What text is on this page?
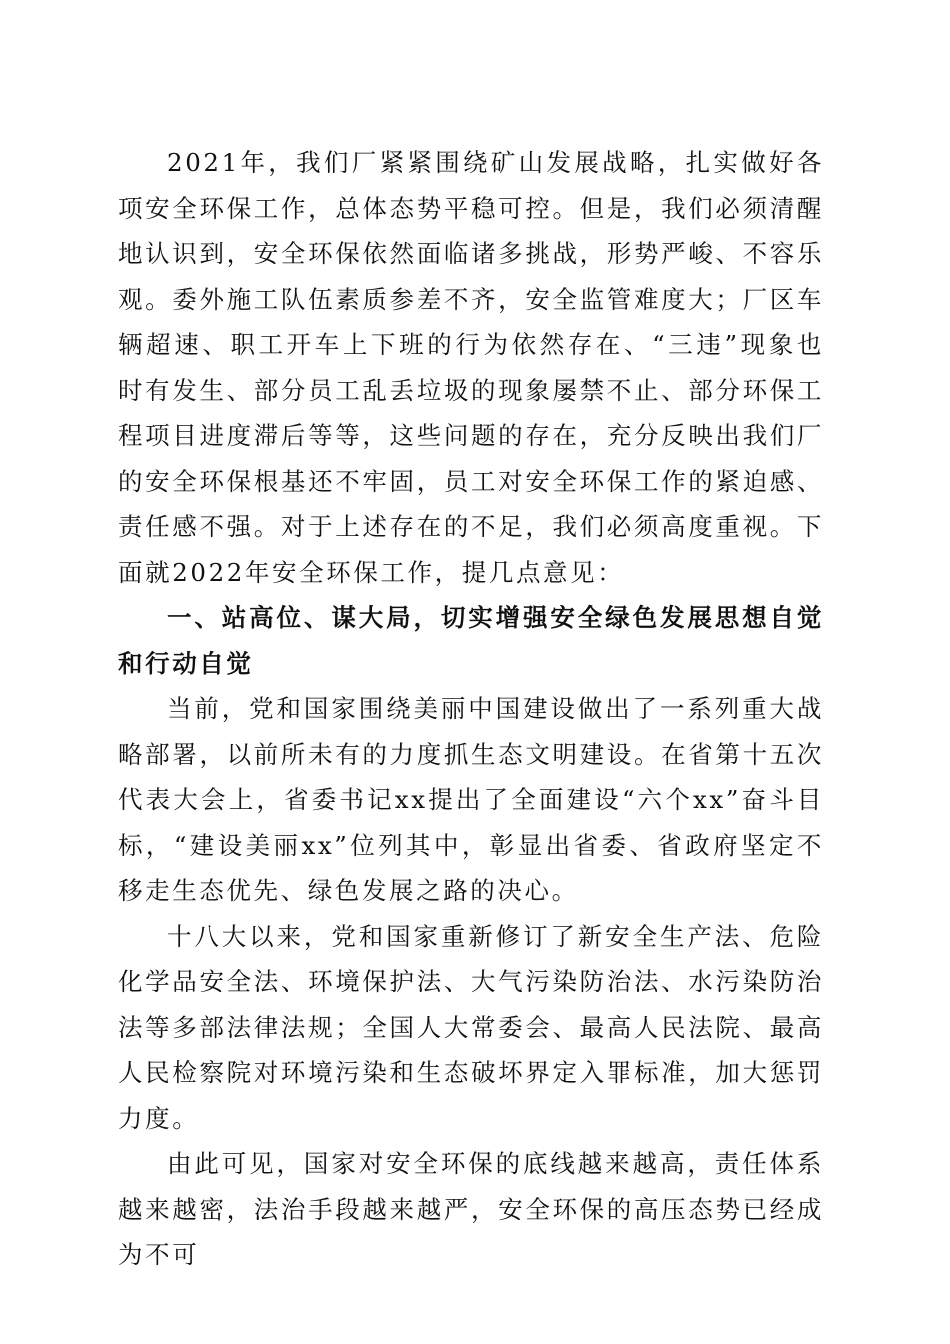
2021年，我们厂紧紧围绕矿山发展战略，扎实做好各项安全环保工作，总体态势平稳可控。但是，我们必须清醒地认识到，安全环保依然面临诸多挑战，形势严峻、不容乐观。委外施工队伍素质参差不齐，安全监管难度大；厂区车辆超速、职工开车上下班的行为依然存在、“三违”现象也时有发生、部分员工乱丢垃圾的现象屡禁不止、部分环保工程项目进度滞后等等，这些问题的存在，充分反映出我们厂的安全环保根基还不牢固，员工对安全环保工作的紧迫感、责任感不强。对于上述存在的不足，我们必须高度重视。下面就2022年安全环保工作，提几点意见：

一、站高位、谋大局，切实增强安全绿色发展思想自觉和行动自觉

当前，党和国家围绕美丽中国建设做出了一系列重大战略部署，以前所未有的力度抓生态文明建设。在省第十五次代表大会上，省委书记xx提出了全面建设“六个xx”奋斗目标，“建设美丽xx”位列其中，彰显出省委、省政府坚定不移走生态优先、绿色发展之路的决心。

十八大以来，党和国家重新修订了新安全生产法、危险化学品安全法、环境保护法、大气污染防治法、水污染防治法等多部法律法规；全国人大常委会、最高人民法院、最高人民检察院对环境污染和生态破坏界定入罪标准，加大惩罚力度。

由此可见，国家对安全环保的底线越来越高，责任体系越来越密，法治手段越来越严，安全环保的高压态势已经成为不可
